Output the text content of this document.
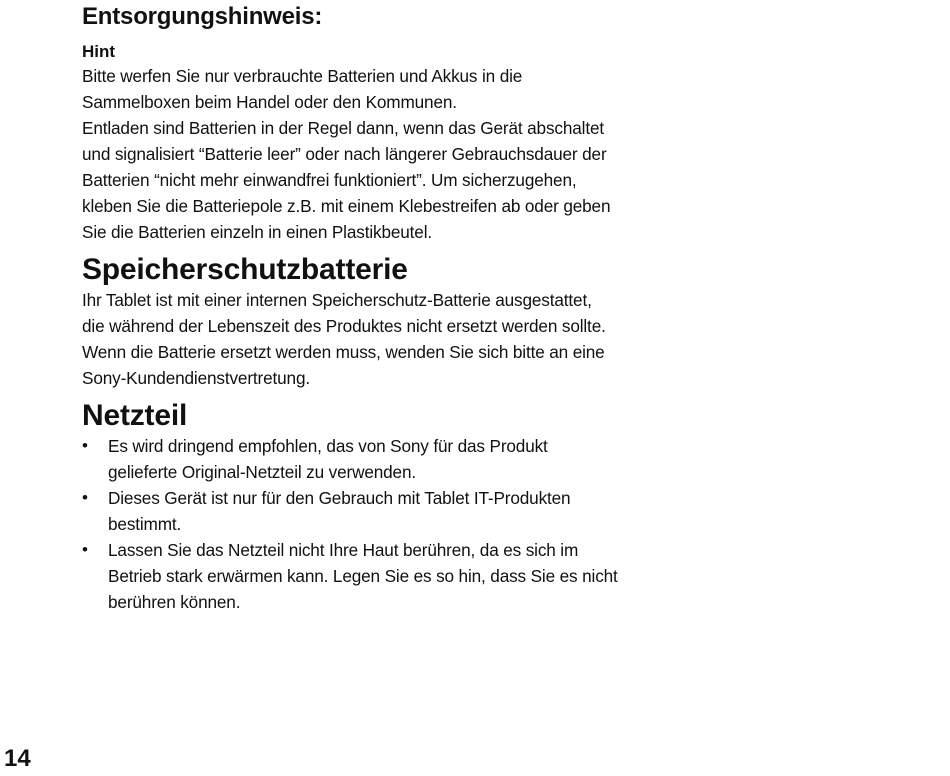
Entsorgungshinweis:
Hint

Bitte werfen Sie nur verbrauchte Batterien und Akkus in die

Sammelboxen beim Handel oder den Kommunen.

Entladen sind Batterien in der Regel dann, wenn das Gerät abschaltet

und signalisiert “Batterie leer” oder nach längerer Gebrauchsdauer der

Batterien “nicht mehr einwandfrei funktioniert”. Um sicherzugehen,

kleben Sie die Batteriepole z.B. mit einem Klebestreifen ab oder geben

Sie die Batterien einzeln in einen Plastikbeutel.

Speicherschutzbatterie

Ihr Tablet ist mit einer internen Speicherschutz-Batterie ausgestattet,

die während der Lebenszeit des Produktes nicht ersetzt werden sollte.

Wenn die Batterie ersetzt werden muss, wenden Sie sich bitte an eine

Sony-Kundendienstvertretung.

Netzteil
• Es wird dringend empfohlen, das von Sony für das Produkt
gelieferte Original-Netzteil zu verwenden.
• Dieses Gerät ist nur für den Gebrauch mit Tablet IT-Produkten
bestimmt.
• Lassen Sie das Netzteil nicht Ihre Haut berühren, da es sich im
Betrieb stark erwärmen kann. Legen Sie es so hin, dass Sie es nicht
berühren können.

14
